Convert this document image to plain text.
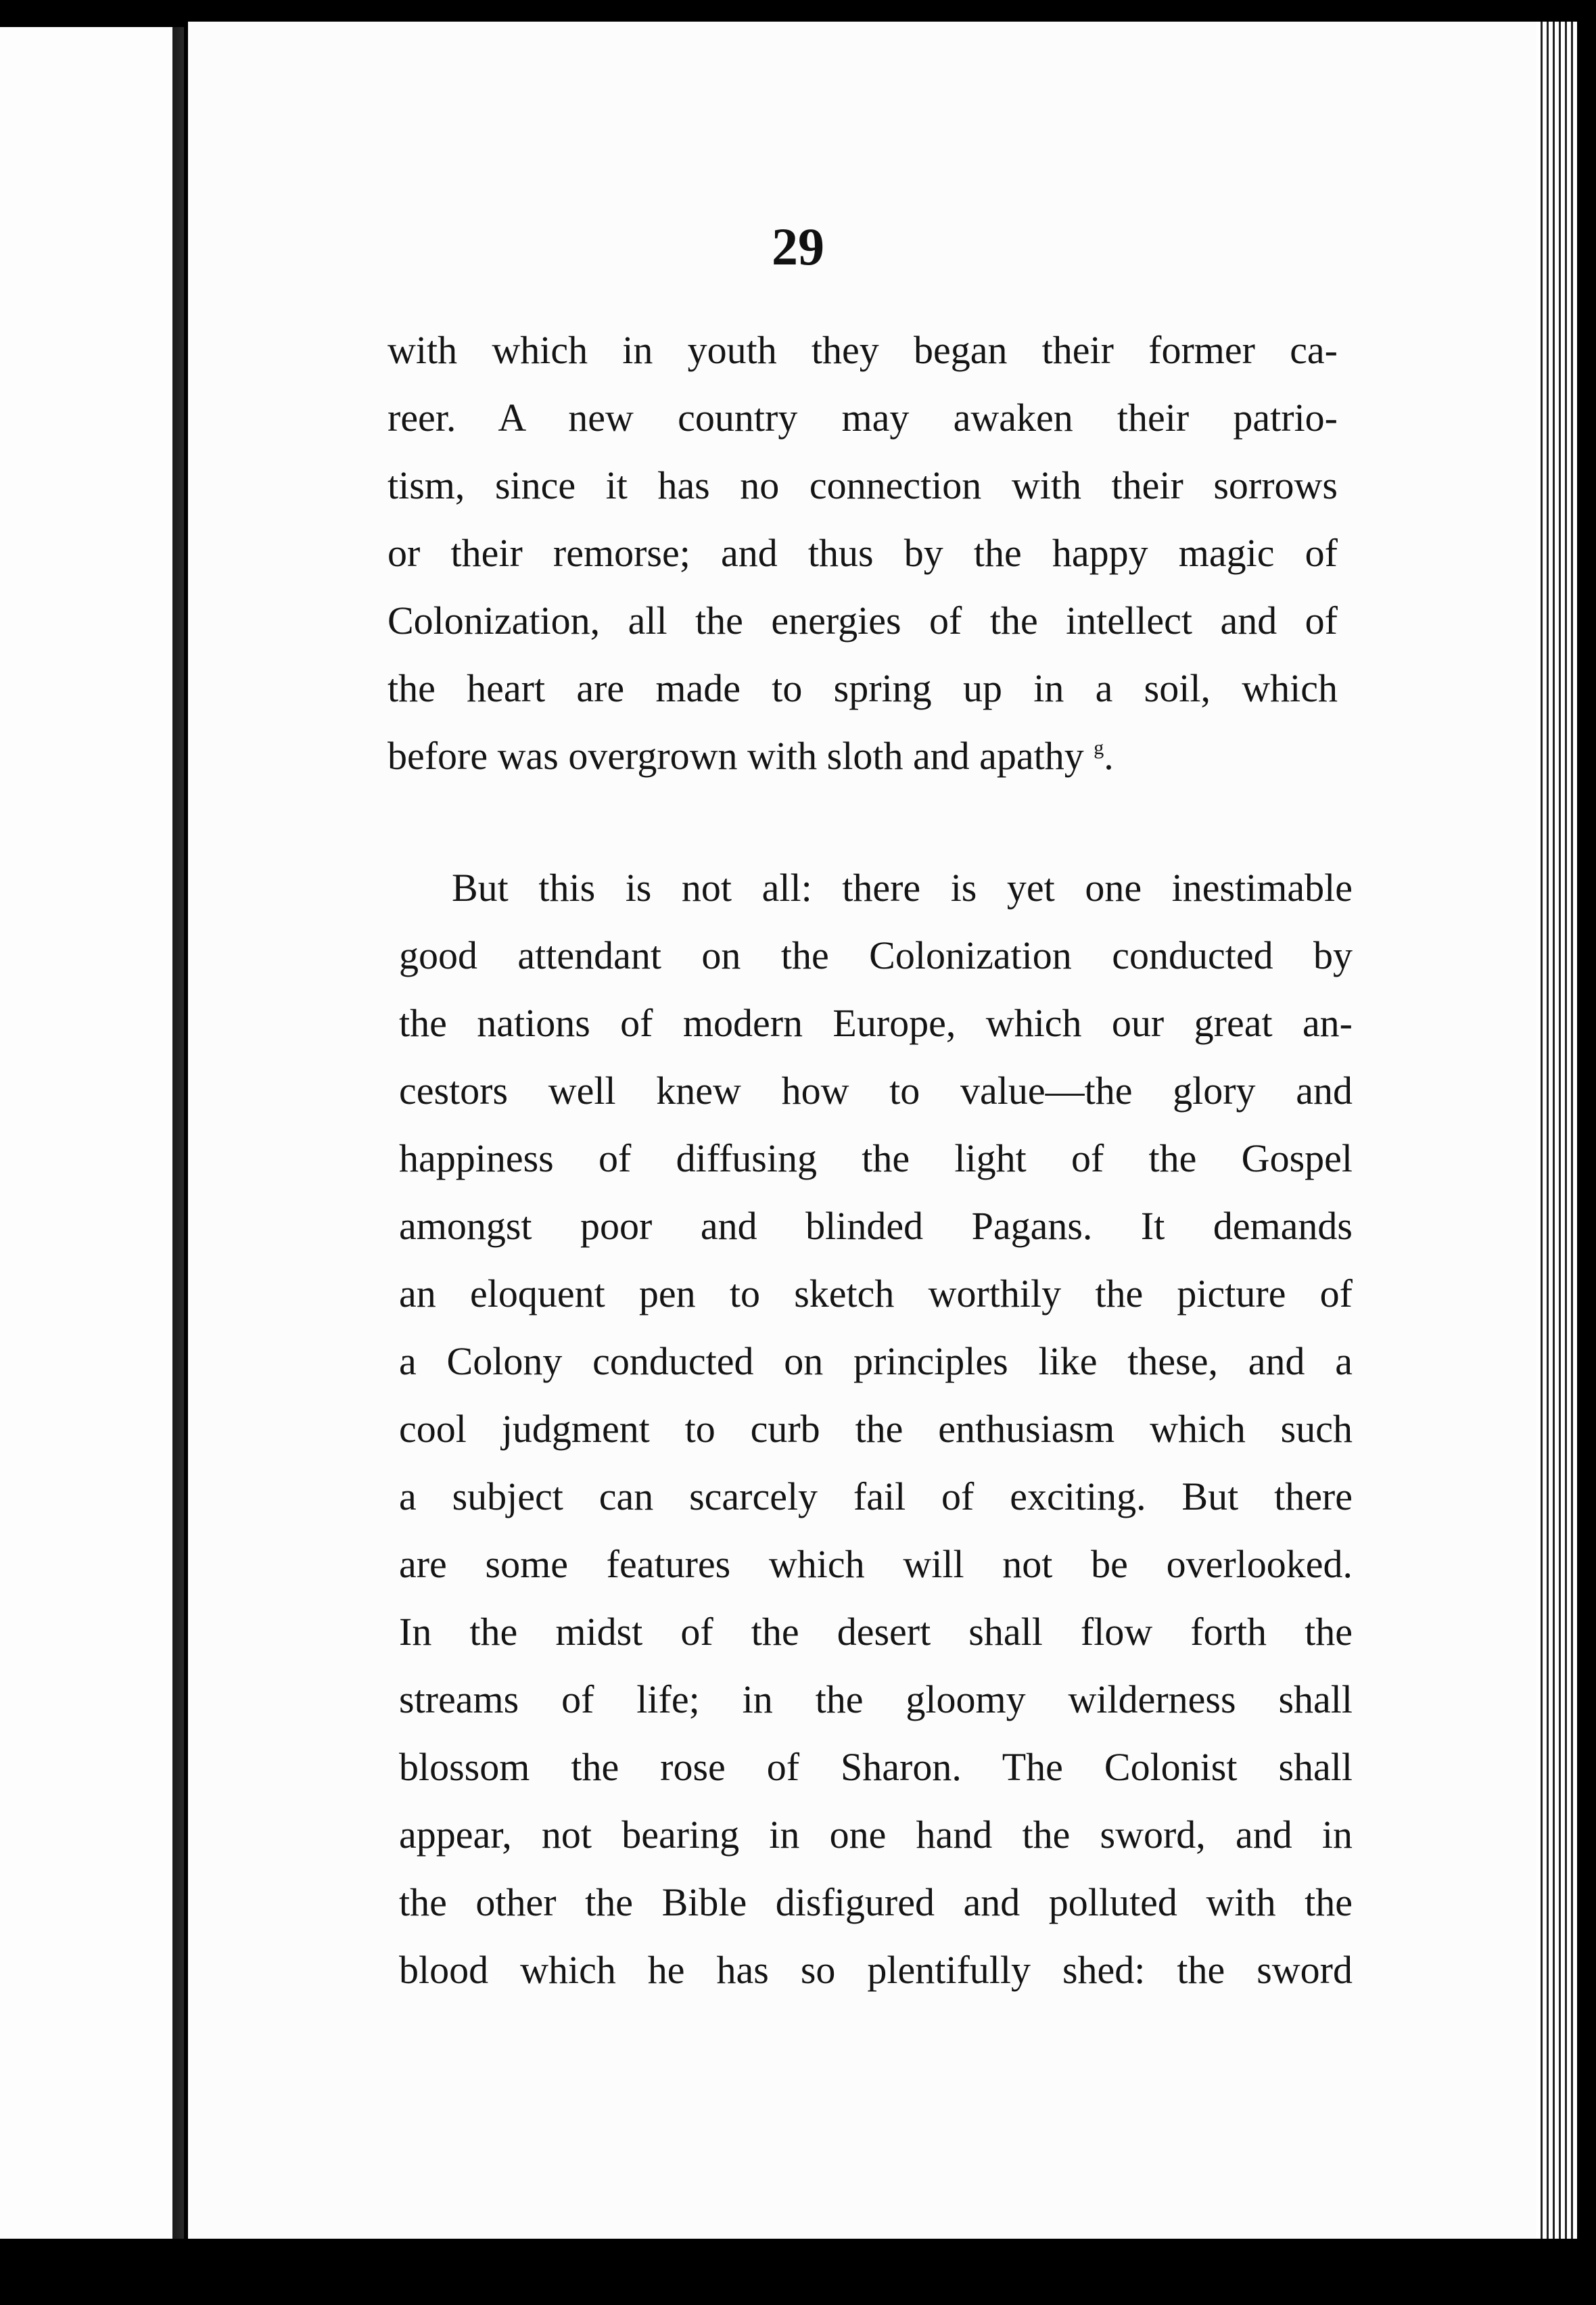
29

with which in youth they began their former ca-
reer. A new country may awaken their patrio-
tism, since it has no connection with their sorrows
or their remorse; and thus by the happy magic of
Colonization, all the energies of the intellect and of
the heart are made to spring up in a soil, which
before was overgrown with sloth and apathy $^g$.

But this is not all: there is yet one inestimable
good attendant on the Colonization conducted by
the nations of modern Europe, which our great an-
cestors well knew how to value—the glory and
happiness of diffusing the light of the Gospel
amongst poor and blinded Pagans. It demands
an eloquent pen to sketch worthily the picture of
a Colony conducted on principles like these, and a
cool judgment to curb the enthusiasm which such
a subject can scarcely fail of exciting. But there
are some features which will not be overlooked.
In the midst of the desert shall flow forth the
streams of life; in the gloomy wilderness shall
blossom the rose of Sharon. The Colonist shall
appear, not bearing in one hand the sword, and in
the other the Bible disfigured and polluted with the
blood which he has so plentifully shed: the sword
